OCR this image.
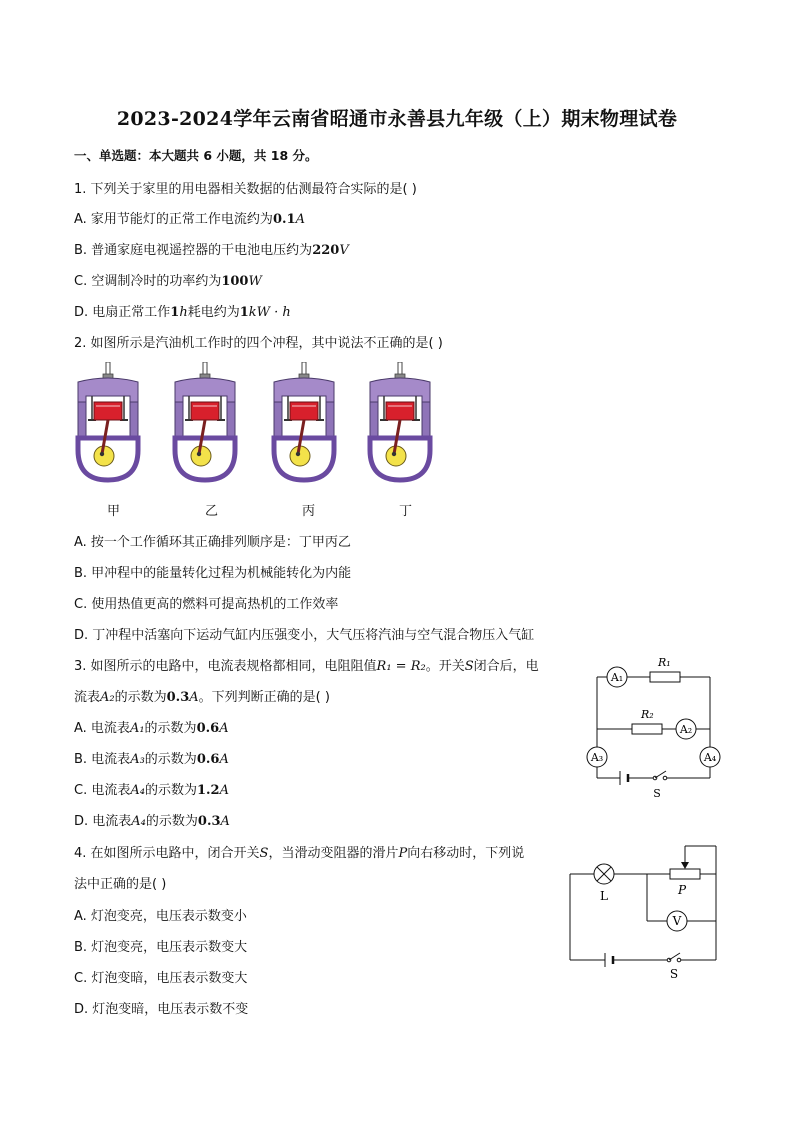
2023-2024学年云南省昭通市永善县九年级（上）期末物理试卷
一、单选题：本大题共 6 小题，共 18 分。
1. 下列关于家里的用电器相关数据的估测最符合实际的是( )
A. 家用节能灯的正常工作电流约为0.1A
B. 普通家庭电视遥控器的干电池电压约为220V
C. 空调制冷时的功率约为100W
D. 电扇正常工作1h耗电约为1kW · h
2. 如图所示是汽油机工作时的四个冲程，其中说法不正确的是( )
甲	乙	丙	丁
A. 按一个工作循环其正确排列顺序是：丁甲丙乙
B. 甲冲程中的能量转化过程为机械能转化为内能
C. 使用热值更高的燃料可提高热机的工作效率
D. 丁冲程中活塞向下运动气缸内压强变小，大气压将汽油与空气混合物压入气缸
3. 如图所示的电路中，电流表规格都相同，电阻阻值R₁ = R₂。开关S闭合后，电
流表A₂的示数为0.3A。下列判断正确的是( )
A. 电流表A₁的示数为0.6A
B. 电流表A₃的示数为0.6A
C. 电流表A₄的示数为1.2A
D. 电流表A₄的示数为0.3A
A₁
R₁
R₂
A₂
A₃	A₄
S
4. 在如图所示电路中，闭合开关S，当滑动变阻器的滑片P向右移动时，下列说
法中正确的是( )
A. 灯泡变亮，电压表示数变小
B. 灯泡变亮，电压表示数变大
C. 灯泡变暗，电压表示数变大
D. 灯泡变暗，电压表示数不变
L	P
V
S
